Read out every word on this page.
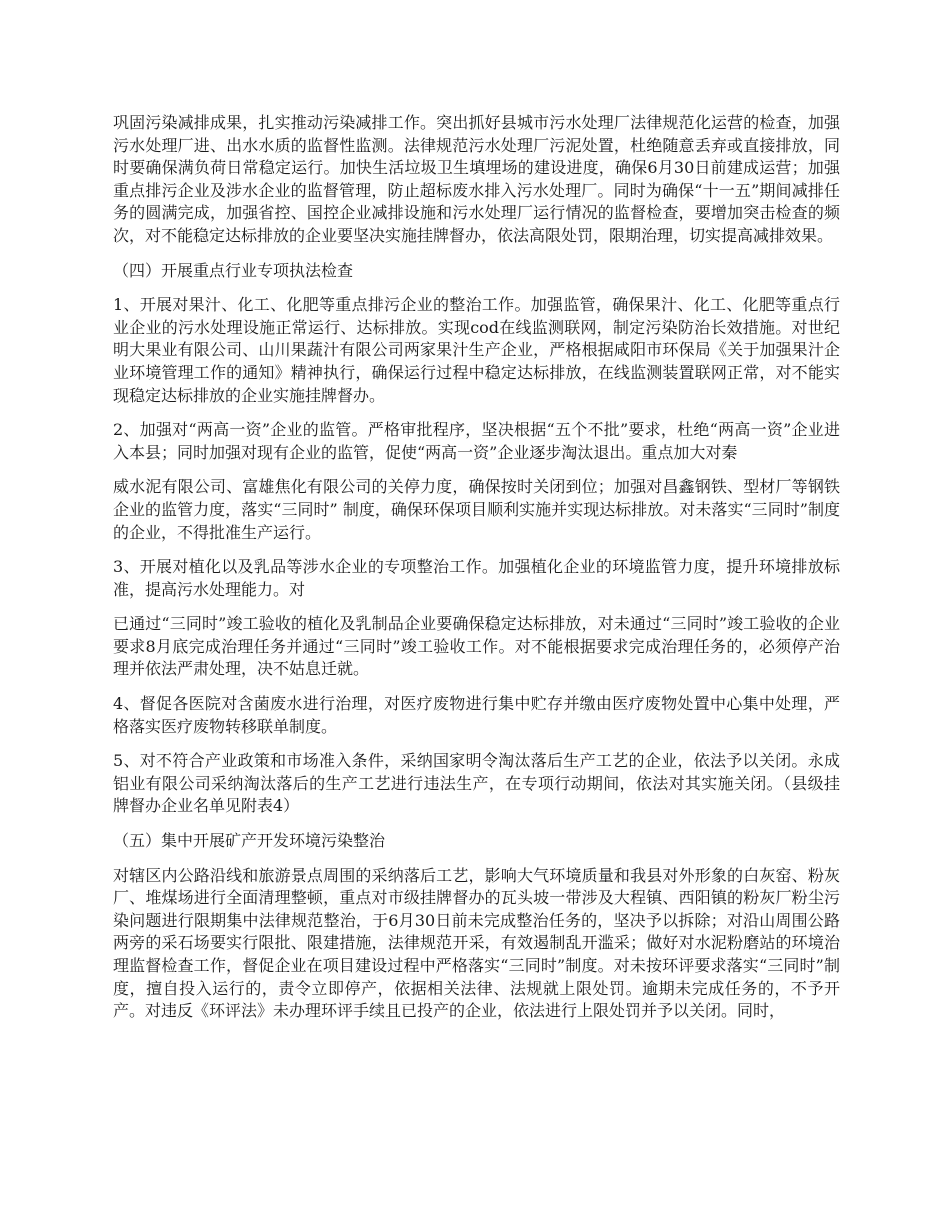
巩固污染减排成果，扎实推动污染减排工作。突出抓好县城市污水处理厂法律规范化运营的检查，加强污水处理厂进、出水水质的监督性监测。法律规范污水处理厂污泥处置，杜绝随意丢弃或直接排放，同时要确保满负荷日常稳定运行。加快生活垃圾卫生填埋场的建设进度，确保6月30日前建成运营；加强重点排污企业及涉水企业的监督管理，防止超标废水排入污水处理厂。同时为确保“十一五”期间减排任务的圆满完成，加强省控、国控企业减排设施和污水处理厂运行情况的监督检查，要增加突击检查的频次，对不能稳定达标排放的企业要坚决实施挂牌督办，依法高限处罚，限期治理，切实提高减排效果。

（四）开展重点行业专项执法检查

1、开展对果汁、化工、化肥等重点排污企业的整治工作。加强监管，确保果汁、化工、化肥等重点行业企业的污水处理设施正常运行、达标排放。实现cod在线监测联网，制定污染防治长效措施。对世纪明大果业有限公司、山川果蔬汁有限公司两家果汁生产企业，严格根据咸阳市环保局《关于加强果汁企业环境管理工作的通知》精神执行，确保运行过程中稳定达标排放，在线监测装置联网正常，对不能实现稳定达标排放的企业实施挂牌督办。

2、加强对“两高一资”企业的监管。严格审批程序，坚决根据“五个不批”要求，杜绝“两高一资”企业进入本县；同时加强对现有企业的监管，促使“两高一资”企业逐步淘汰退出。重点加大对秦

威水泥有限公司、富雄焦化有限公司的关停力度，确保按时关闭到位；加强对昌鑫钢铁、型材厂等钢铁企业的监管力度，落实“三同时” 制度，确保环保项目顺利实施并实现达标排放。对未落实“三同时”制度的企业，不得批准生产运行。

3、开展对植化以及乳品等涉水企业的专项整治工作。加强植化企业的环境监管力度，提升环境排放标准，提高污水处理能力。对

已通过“三同时”竣工验收的植化及乳制品企业要确保稳定达标排放，对未通过“三同时”竣工验收的企业要求8月底完成治理任务并通过“三同时”竣工验收工作。对不能根据要求完成治理任务的，必须停产治理并依法严肃处理，决不姑息迁就。

4、督促各医院对含菌废水进行治理，对医疗废物进行集中贮存并缴由医疗废物处置中心集中处理，严格落实医疗废物转移联单制度。

5、对不符合产业政策和市场准入条件，采纳国家明令淘汰落后生产工艺的企业，依法予以关闭。永成铝业有限公司采纳淘汰落后的生产工艺进行违法生产，在专项行动期间，依法对其实施关闭。（县级挂牌督办企业名单见附表4）

（五）集中开展矿产开发环境污染整治

对辖区内公路沿线和旅游景点周围的采纳落后工艺，影响大气环境质量和我县对外形象的白灰窑、粉灰厂、堆煤场进行全面清理整顿，重点对市级挂牌督办的瓦头坡一带涉及大程镇、西阳镇的粉灰厂粉尘污染问题进行限期集中法律规范整治，于6月30日前未完成整治任务的，坚决予以拆除；对沿山周围公路两旁的采石场要实行限批、限建措施，法律规范开采，有效遏制乱开滥采；做好对水泥粉磨站的环境治理监督检查工作，督促企业在项目建设过程中严格落实“三同时”制度。对未按环评要求落实“三同时”制度，擅自投入运行的，责令立即停产，依据相关法律、法规就上限处罚。逾期未完成任务的，不予开产。对违反《环评法》未办理环评手续且已投产的企业，依法进行上限处罚并予以关闭。同时，
